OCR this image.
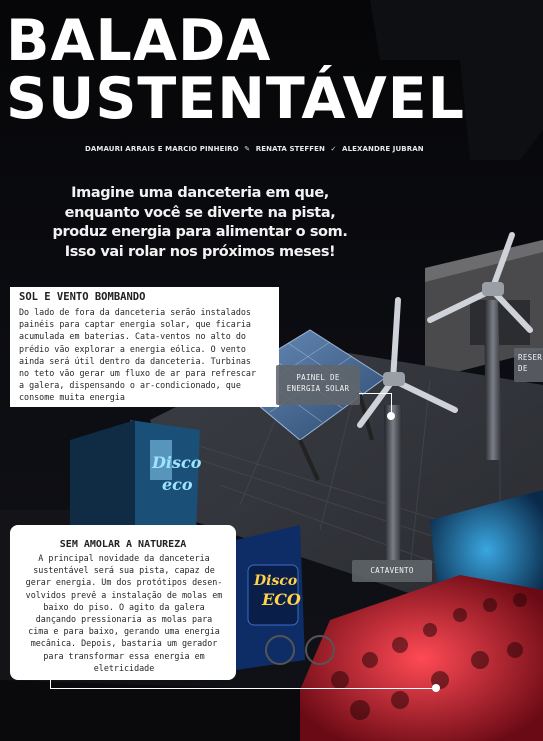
Disco
eco
Disco
ECO
BALADA
SUSTENTÁVEL
DAMAURI ARRAIS E MARCIO PINHEIRO ✎ RENATA STEFFEN ✓ ALEXANDRE JUBRAN
Imagine uma danceteria em que,
enquanto você se diverte na pista,
produz energia para alimentar o som.
Isso vai rolar nos próximos meses!
SOL E VENTO BOMBANDO
Do lado de fora da danceteria serão instalados
painéis para captar energia solar, que ficaria
acumulada em baterias. Cata-ventos no alto do
prédio vão explorar a energia eólica. O vento
ainda será útil dentro da danceteria. Turbinas
no teto vão gerar um fluxo de ar para refrescar
a galera, dispensando o ar-condicionado, que
consome muita energia
PAINEL DE
ENERGIA SOLAR
CATAVENTO
RESER
DE
SEM AMOLAR A NATUREZA
A principal novidade da danceteria
sustentável será sua pista, capaz de
gerar energia. Um dos protótipos desen-
volvidos prevê a instalação de molas em
baixo do piso. O agito da galera
dançando pressionaria as molas para
cima e para baixo, gerando uma energia
mecânica. Depois, bastaria um gerador
para transformar essa energia em
eletricidade
